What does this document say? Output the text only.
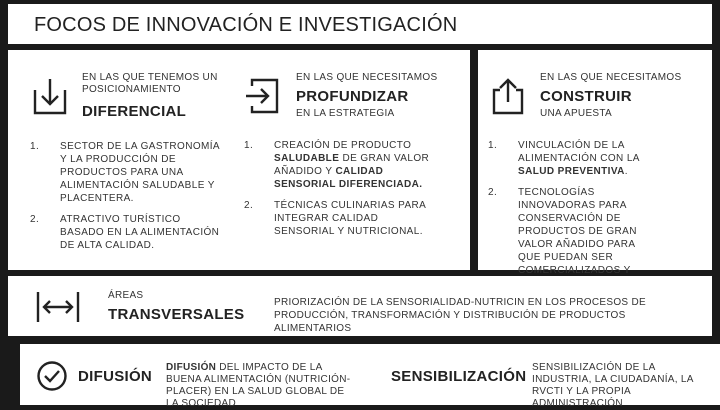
FOCOS DE INNOVACIÓN E INVESTIGACIÓN
EN LAS QUE TENEMOS UN POSICIONAMIENTO
DIFERENCIAL
1. SECTOR DE LA GASTRONOMÍA Y LA PRODUCCIÓN DE PRODUCTOS PARA UNA ALIMENTACIÓN SALUDABLE Y PLACENTERA.
2. ATRACTIVO TURÍSTICO BASADO EN LA ALIMENTACIÓN DE ALTA CALIDAD.
EN LAS QUE NECESITAMOS
PROFUNDIZAR
EN LA ESTRATEGIA
1. CREACIÓN DE PRODUCTO SALUDABLE DE GRAN VALOR AÑADIDO Y CALIDAD SENSORIAL DIFERENCIADA.
2. TÉCNICAS CULINARIAS PARA INTEGRAR CALIDAD SENSORIAL Y NUTRICIONAL.
EN LAS QUE NECESITAMOS
CONSTRUIR
UNA APUESTA
1. VINCULACIÓN DE LA ALIMENTACIÓN CON LA SALUD PREVENTIVA.
2. TECNOLOGÍAS INNOVADORAS PARA CONSERVACIÓN DE PRODUCTOS DE GRAN VALOR AÑADIDO PARA QUE PUEDAN SER COMERCIALIZADOS Y
ÁREAS
TRANSVERSALES
PRIORIZACIÓN DE LA SENSORIALIDAD-NUTRICIN EN LOS PROCESOS DE PRODUCCIÓN, TRANSFORMACIÓN Y DISTRIBUCIÓN DE PRODUCTOS ALIMENTARIOS
DIFUSIÓN
DIFUSIÓN DEL IMPACTO DE LA BUENA ALIMENTACIÓN (NUTRICIÓN-PLACER) EN LA SALUD GLOBAL DE LA SOCIEDAD
SENSIBILIZACIÓN
SENSIBILIZACIÓN DE LA INDUSTRIA, LA CIUDADANÍA, LA RVCTI Y LA PROPIA ADMINISTRACIÓN
